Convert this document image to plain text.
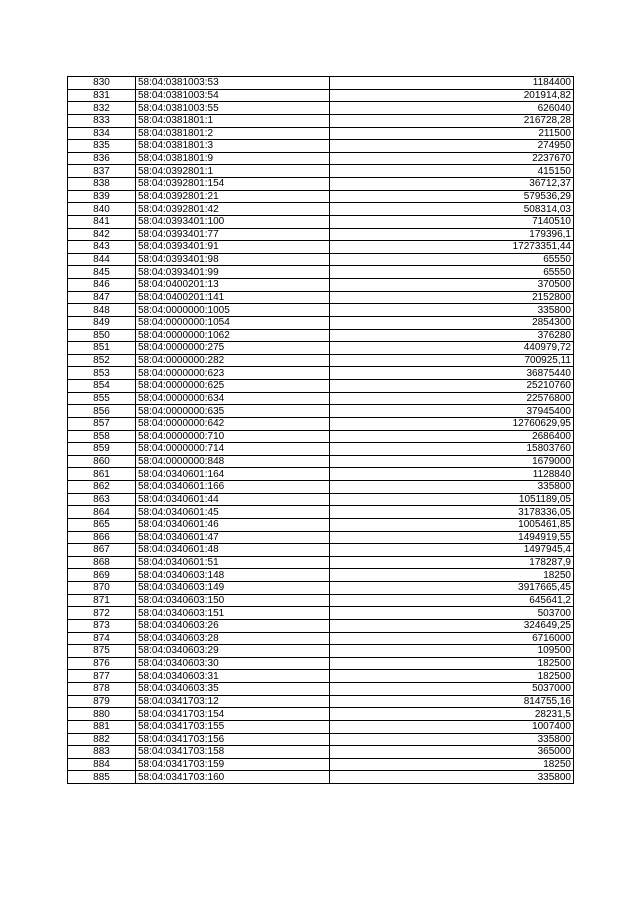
830	58:04:0381003:53	1184400
831	58:04:0381003:54	201914,82
832	58:04:0381003:55	626040
833	58:04:0381801:1	216728,28
834	58:04:0381801:2	211500
835	58:04:0381801:3	274950
836	58:04:0381801:9	2237670
837	58:04:0392801:1	415150
838	58:04:0392801:154	36712,37
839	58:04:0392801:21	579536,29
840	58:04:0392801:42	508314,03
841	58:04:0393401:100	7140510
842	58:04:0393401:77	179396,1
843	58:04:0393401:91	17273351,44
844	58:04:0393401:98	65550
845	58:04:0393401:99	65550
846	58:04:0400201:13	370500
847	58:04:0400201:141	2152800
848	58:04:0000000:1005	335800
849	58:04:0000000:1054	2854300
850	58:04:0000000:1062	376280
851	58:04:0000000:275	440979,72
852	58:04:0000000:282	700925,11
853	58:04:0000000:623	36875440
854	58:04:0000000:625	25210760
855	58:04:0000000:634	22576800
856	58:04:0000000:635	37945400
857	58:04:0000000:642	12760629,95
858	58:04:0000000:710	2686400
859	58:04:0000000:714	15803760
860	58:04:0000000:848	1679000
861	58:04:0340601:164	1128840
862	58:04:0340601:166	335800
863	58:04:0340601:44	1051189,05
864	58:04:0340601:45	3178336,05
865	58:04:0340601:46	1005461,85
866	58:04:0340601:47	1494919,55
867	58:04:0340601:48	1497945,4
868	58:04:0340601:51	178287,9
869	58:04:0340603:148	18250
870	58:04:0340603:149	3917665,45
871	58:04:0340603:150	645641,2
872	58:04:0340603:151	503700
873	58:04:0340603:26	324649,25
874	58:04:0340603:28	6716000
875	58:04:0340603:29	109500
876	58:04:0340603:30	182500
877	58:04:0340603:31	182500
878	58:04:0340603:35	5037000
879	58:04:0341703:12	814755,16
880	58:04:0341703:154	28231,5
881	58:04:0341703:155	1007400
882	58:04:0341703:156	335800
883	58:04:0341703:158	365000
884	58:04:0341703:159	18250
885	58:04:0341703:160	335800
